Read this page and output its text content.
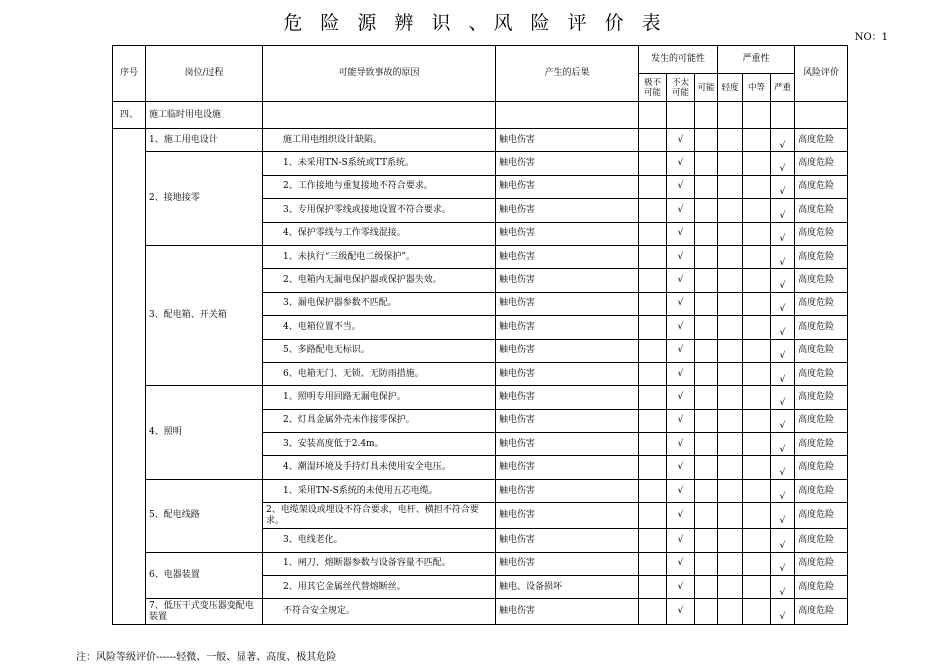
危 险 源 辨 识 、风 险 评 价 表
NO：1
序号	岗位/过程	可能导致事故的原因	产生的后果	发生的可能性			严重性			风险评价
				极不可能	不太可能	可能	轻度	中等	严重	
四、	施工临时用电设施									
	1、施工用电设计	施工用电组织设计缺陷。	触电伤害		√				√	高度危险
	2、接地接零	1、未采用TN-S系统或TT系统。	触电伤害		√				√	高度危险
		2、工作接地与重复接地不符合要求。	触电伤害		√				√	高度危险
		3、专用保护零线或接地设置不符合要求。	触电伤害		√				√	高度危险
		4、保护零线与工作零线混接。	触电伤害		√				√	高度危险
	3、配电箱、开关箱	1、未执行“三级配电二级保护”。	触电伤害		√				√	高度危险
		2、电箱内无漏电保护器或保护器失效。	触电伤害		√				√	高度危险
		3、漏电保护器参数不匹配。	触电伤害		√				√	高度危险
		4、电箱位置不当。	触电伤害		√				√	高度危险
		5、多路配电无标识。	触电伤害		√				√	高度危险
		6、电箱无门、无锁、无防雨措施。	触电伤害		√				√	高度危险
	4、照明	1、照明专用回路无漏电保护。	触电伤害		√				√	高度危险
		2、灯具金属外壳未作接零保护。	触电伤害		√				√	高度危险
		3、安装高度低于2.4m。	触电伤害		√				√	高度危险
		4、潮湿环境及手持灯具未使用安全电压。	触电伤害		√				√	高度危险
	5、配电线路	1、采用TN-S系统的未使用五芯电缆。	触电伤害		√				√	高度危险
		2、电缆架设或埋设不符合要求，电杆、横担不符合要求。	触电伤害		√				√	高度危险
		3、电线老化。	触电伤害		√				√	高度危险
	6、电器装置	1、闸刀、熔断器参数与设备容量不匹配。	触电伤害		√				√	高度危险
		2、用其它金属丝代替熔断丝。	触电、设备损坏		√				√	高度危险
	7、低压干式变压器变配电装置	不符合安全规定。	触电伤害		√				√	高度危险
注：风险等级评价------轻微、一般、显著、高度、极其危险
